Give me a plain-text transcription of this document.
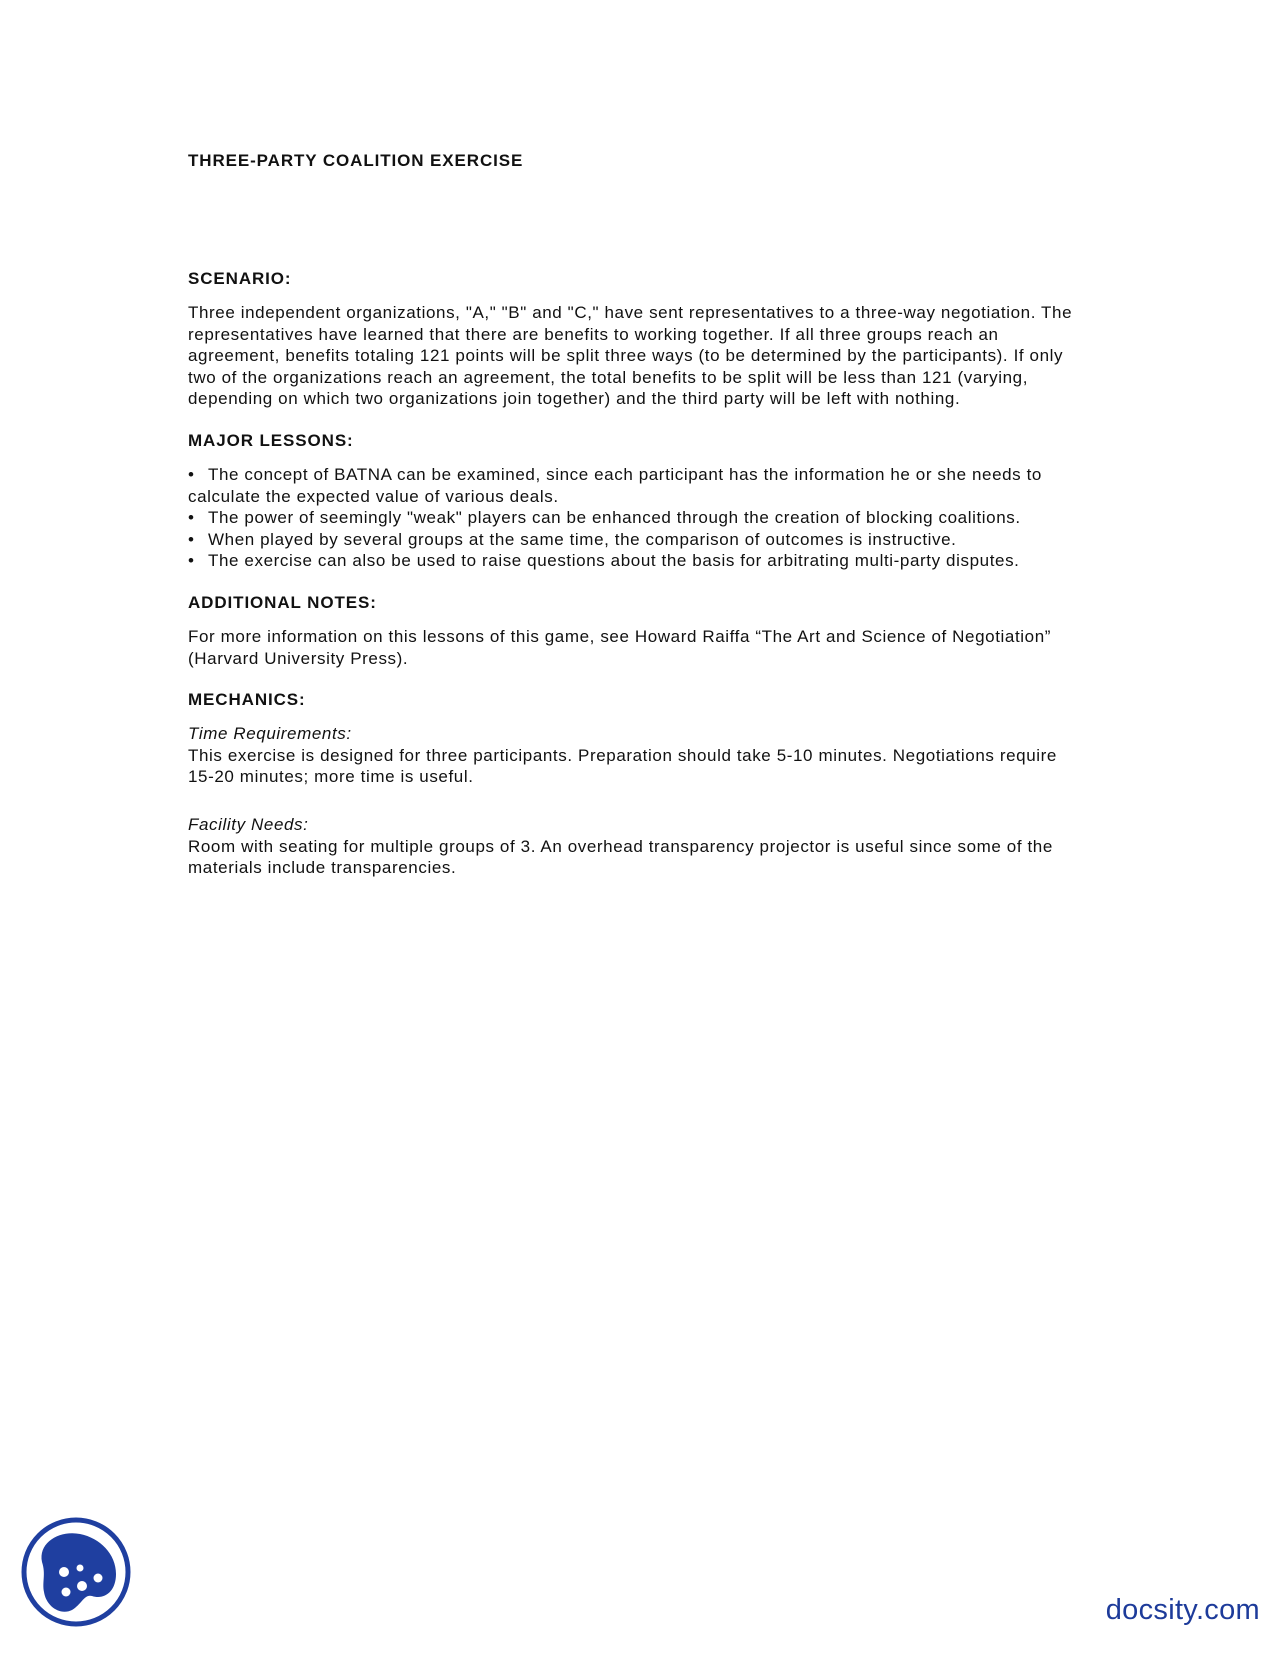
THREE-PARTY COALITION EXERCISE
SCENARIO:

Three independent organizations, "A," "B" and "C," have sent representatives to a three-way negotiation. The representatives have learned that there are benefits to working together. If all three groups reach an agreement, benefits totaling 121 points will be split three ways (to be determined by the participants). If only two of the organizations reach an agreement, the total benefits to be split will be less than 121 (varying, depending on which two organizations join together) and the third party will be left with nothing.

MAJOR LESSONS:
• The concept of BATNA can be examined, since each participant has the information he or she needs to calculate the expected value of various deals.
• The power of seemingly "weak" players can be enhanced through the creation of blocking coalitions.
• When played by several groups at the same time, the comparison of outcomes is instructive.
• The exercise can also be used to raise questions about the basis for arbitrating multi-party disputes.
ADDITIONAL NOTES:

For more information on this lessons of this game, see Howard Raiffa “The Art and Science of Negotiation” (Harvard University Press).

MECHANICS:

Time Requirements:

This exercise is designed for three participants. Preparation should take 5-10 minutes. Negotiations require 15-20 minutes; more time is useful.

Facility Needs:

Room with seating for multiple groups of 3. An overhead transparency projector is useful since some of the materials include transparencies.

docsity.com
